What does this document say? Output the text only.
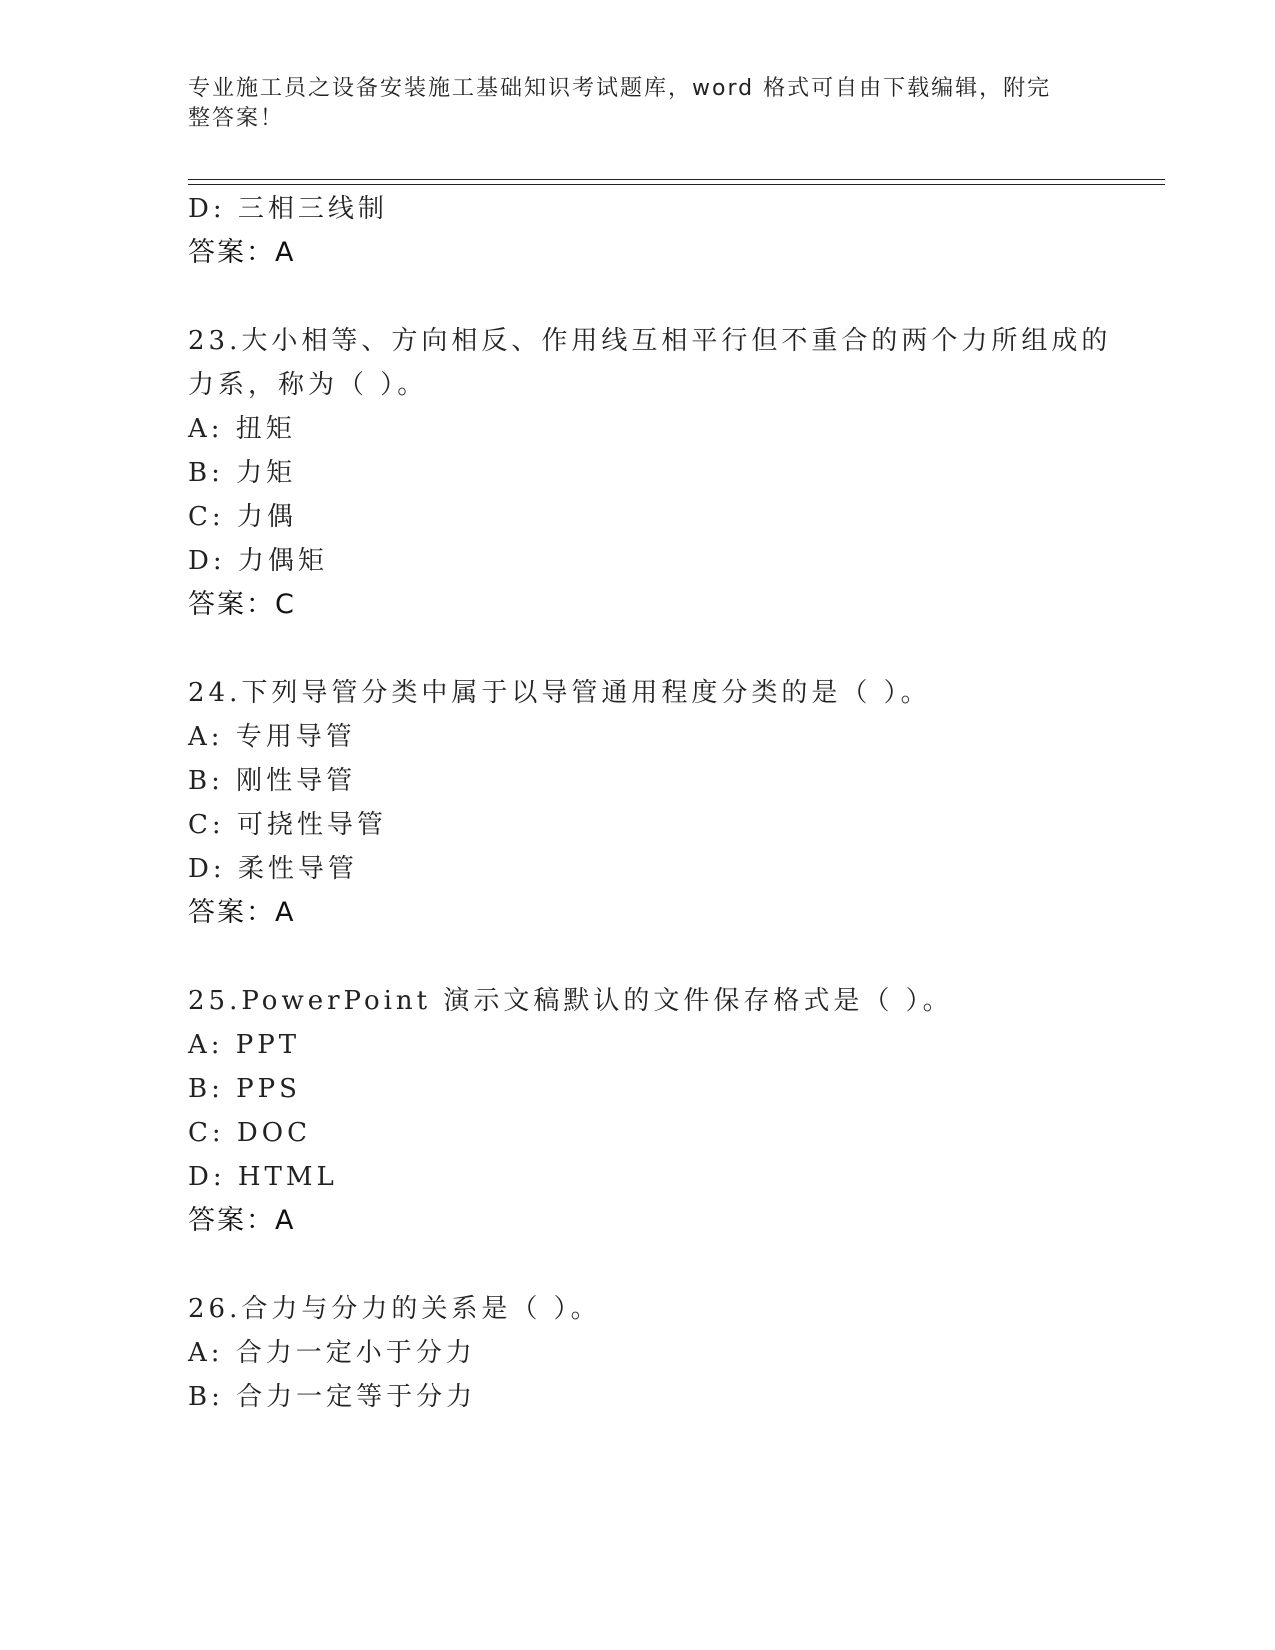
专业施工员之设备安装施工基础知识考试题库，word 格式可自由下载编辑，附完
整答案！
D: 三相三线制
答案：A
23.大小相等、方向相反、作用线互相平行但不重合的两个力所组成的
力系，称为（ ）。
A: 扭矩
B: 力矩
C: 力偶
D: 力偶矩
答案：C
24.下列导管分类中属于以导管通用程度分类的是（ ）。
A: 专用导管
B: 刚性导管
C: 可挠性导管
D: 柔性导管
答案：A
25.PowerPoint 演示文稿默认的文件保存格式是（ ）。
A: PPT
B: PPS
C: DOC
D: HTML
答案：A
26.合力与分力的关系是（ ）。
A: 合力一定小于分力
B: 合力一定等于分力
